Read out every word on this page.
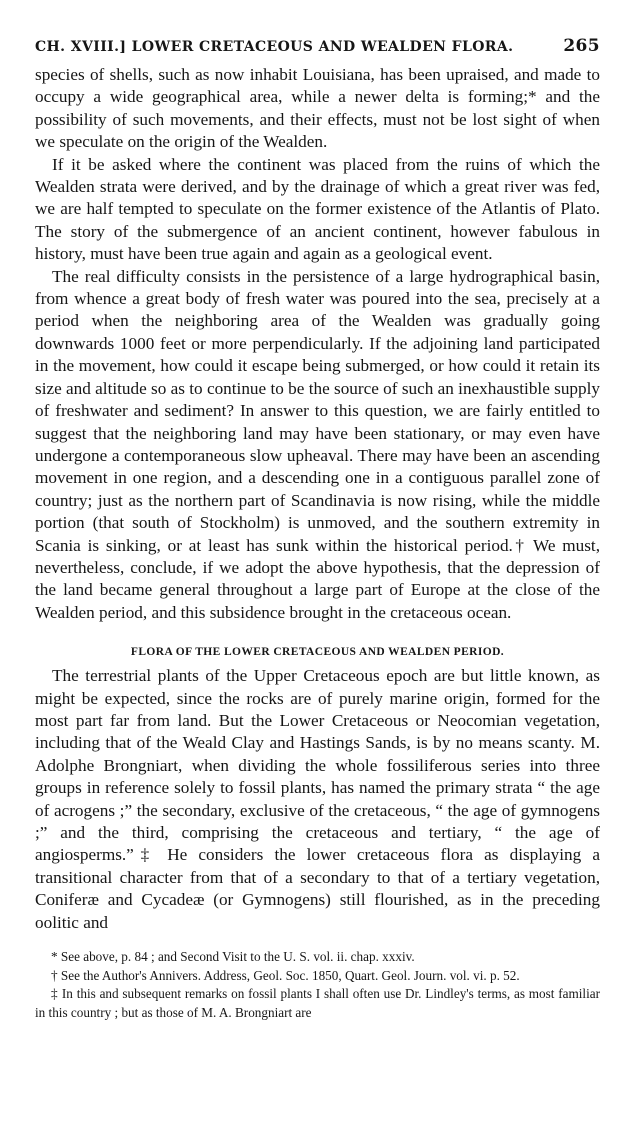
CH. XVIII.] LOWER CRETACEOUS AND WEALDEN FLORA.	265

species of shells, such as now inhabit Louisiana, has been upraised, and made to occupy a wide geographical area, while a newer delta is forming;* and the possibility of such movements, and their effects, must not be lost sight of when we speculate on the origin of the Wealden.

If it be asked where the continent was placed from the ruins of which the Wealden strata were derived, and by the drainage of which a great river was fed, we are half tempted to speculate on the former existence of the Atlantis of Plato. The story of the submergence of an ancient continent, however fabulous in history, must have been true again and again as a geological event.

The real difficulty consists in the persistence of a large hydrographical basin, from whence a great body of fresh water was poured into the sea, precisely at a period when the neighboring area of the Wealden was gradually going downwards 1000 feet or more perpendicularly. If the adjoining land participated in the movement, how could it escape being submerged, or how could it retain its size and altitude so as to continue to be the source of such an inexhaustible supply of freshwater and sediment? In answer to this question, we are fairly entitled to suggest that the neighboring land may have been stationary, or may even have undergone a contemporaneous slow upheaval. There may have been an ascending movement in one region, and a descending one in a contiguous parallel zone of country; just as the northern part of Scandinavia is now rising, while the middle portion (that south of Stockholm) is unmoved, and the southern extremity in Scania is sinking, or at least has sunk within the historical period.† We must, nevertheless, conclude, if we adopt the above hypothesis, that the depression of the land became general throughout a large part of Europe at the close of the Wealden period, and this subsidence brought in the cretaceous ocean.

FLORA OF THE LOWER CRETACEOUS AND WEALDEN PERIOD.

The terrestrial plants of the Upper Cretaceous epoch are but little known, as might be expected, since the rocks are of purely marine origin, formed for the most part far from land. But the Lower Cretaceous or Neocomian vegetation, including that of the Weald Clay and Hastings Sands, is by no means scanty. M. Adolphe Brongniart, when dividing the whole fossiliferous series into three groups in reference solely to fossil plants, has named the primary strata “ the age of acrogens ;” the secondary, exclusive of the cretaceous, “ the age of gymnogens ;” and the third, comprising the cretaceous and tertiary, “ the age of angiosperms.”‡ He considers the lower cretaceous flora as displaying a transitional character from that of a secondary to that of a tertiary vegetation, Coniferæ and Cycadeæ (or Gymnogens) still flourished, as in the preceding oolitic and

* See above, p. 84 ; and Second Visit to the U. S. vol. ii. chap. xxxiv.

† See the Author's Annivers. Address, Geol. Soc. 1850, Quart. Geol. Journ. vol. vi. p. 52.

‡ In this and subsequent remarks on fossil plants I shall often use Dr. Lindley's terms, as most familiar in this country ; but as those of M. A. Brongniart are
